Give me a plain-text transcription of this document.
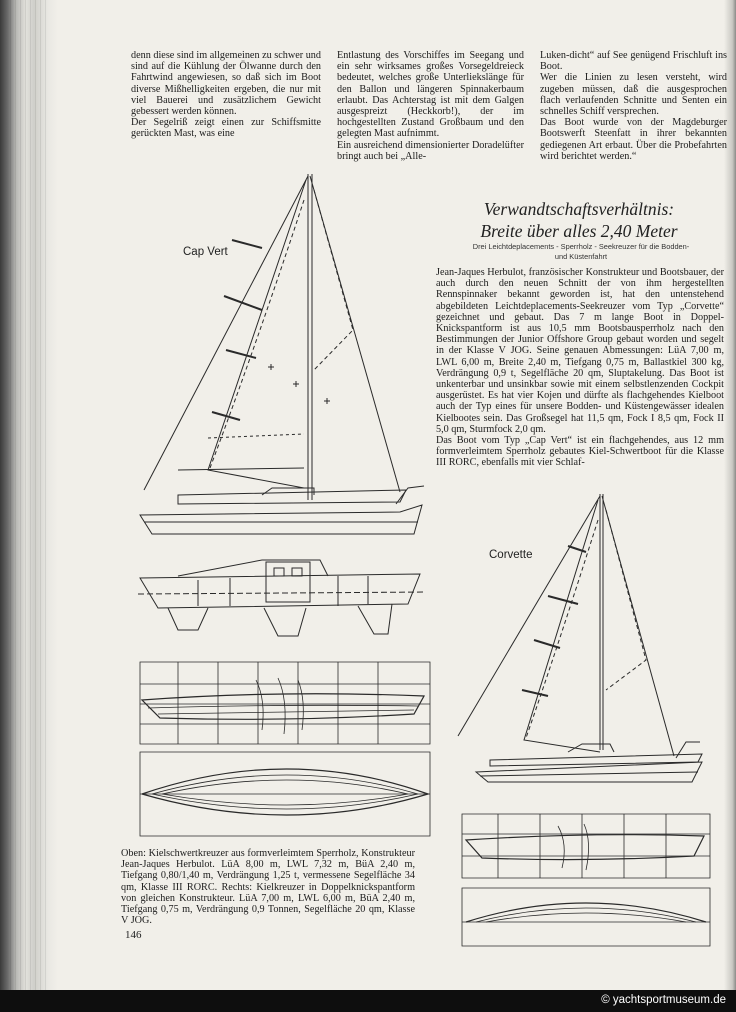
denn diese sind im allgemeinen zu schwer und sind auf die Kühlung der Ölwanne durch den Fahrtwind angewiesen, so daß sich im Boot diverse Mißhelligkeiten ergeben, die nur mit viel Bauerei und zusätzlichem Gewicht gebessert werden können.

Der Segelriß zeigt einen zur Schiffsmitte gerückten Mast, was eine

Entlastung des Vorschiffes im Seegang und ein sehr wirksames großes Vorsegeldreieck bedeutet, welches große Unterliekslänge für den Ballon und längeren Spinnakerbaum erlaubt. Das Achterstag ist mit dem Galgen ausgespreizt (Heckkorb!), der im hochgestellten Zustand Großbaum und den gelegten Mast aufnimmt.

Ein ausreichend dimensionierter Doradelüfter bringt auch bei „Alle-

Luken-dicht“ auf See genügend Frischluft ins Boot.

Wer die Linien zu lesen versteht, wird zugeben müssen, daß die ausgesprochen flach verlaufenden Schnitte und Senten ein schnelles Schiff versprechen.

Das Boot wurde von der Magdeburger Bootswerft Steenfatt in ihrer bekannten gediegenen Art erbaut. Über die Probefahrten wird berichtet werden.“

Verwandtschaftsverhältnis:
Breite über alles 2,40 Meter
Drei Leichtdeplacements - Sperrholz - Seekreuzer für die Bodden-
und Küstenfahrt

Jean-Jaques Herbulot, französischer Konstrukteur und Bootsbauer, der auch durch den neuen Schnitt der von ihm hergestellten Rennspinnaker bekannt geworden ist, hat den untenstehend abgebildeten Leichtdeplacements-Seekreuzer vom Typ „Corvette“ gezeichnet und gebaut. Das 7 m lange Boot in Doppel-Knickspantform ist aus 10,5 mm Bootsbausperrholz nach den Bestimmungen der Junior Offshore Group gebaut worden und segelt in der Klasse V JOG. Seine genauen Abmessungen: LüA 7,00 m, LWL 6,00 m, Breite 2,40 m, Tiefgang 0,75 m, Ballastkiel 300 kg, Verdrängung 0,9 t, Segelfläche 20 qm, Sluptakelung. Das Boot ist unkenterbar und unsinkbar sowie mit einem selbstlenzenden Cockpit ausgerüstet. Es hat vier Kojen und dürfte als flachgehendes Kielboot auch der Typ eines für unsere Bodden- und Küstengewässer idealen Kielbootes sein. Das Großsegel hat 11,5 qm, Fock I 8,5 qm, Fock II 5,0 qm, Sturmfock 2,0 qm.

Das Boot vom Typ „Cap Vert“ ist ein flachgehendes, aus 12 mm formverleimtem Sperrholz gebautes Kiel-Schwertboot für die Klasse III RORC, ebenfalls mit vier Schlaf-

Cap Vert
Corvette

Oben: Kielschwertkreuzer aus formverleimtem Sperrholz, Konstrukteur Jean-Jaques Herbulot. LüA 8,00 m, LWL 7,32 m, BüA 2,40 m, Tiefgang 0,80/1,40 m, Verdrängung 1,25 t, vermessene Segelfläche 34 qm, Klasse III RORC. Rechts: Kielkreuzer in Doppelknickspantform von gleichen Konstrukteur. LüA 7,00 m, LWL 6,00 m, BüA 2,40 m, Tiefgang 0,75 m, Verdrängung 0,9 Tonnen, Segelfläche 20 qm, Klasse V JOG.

146

© yachtsportmuseum.de
